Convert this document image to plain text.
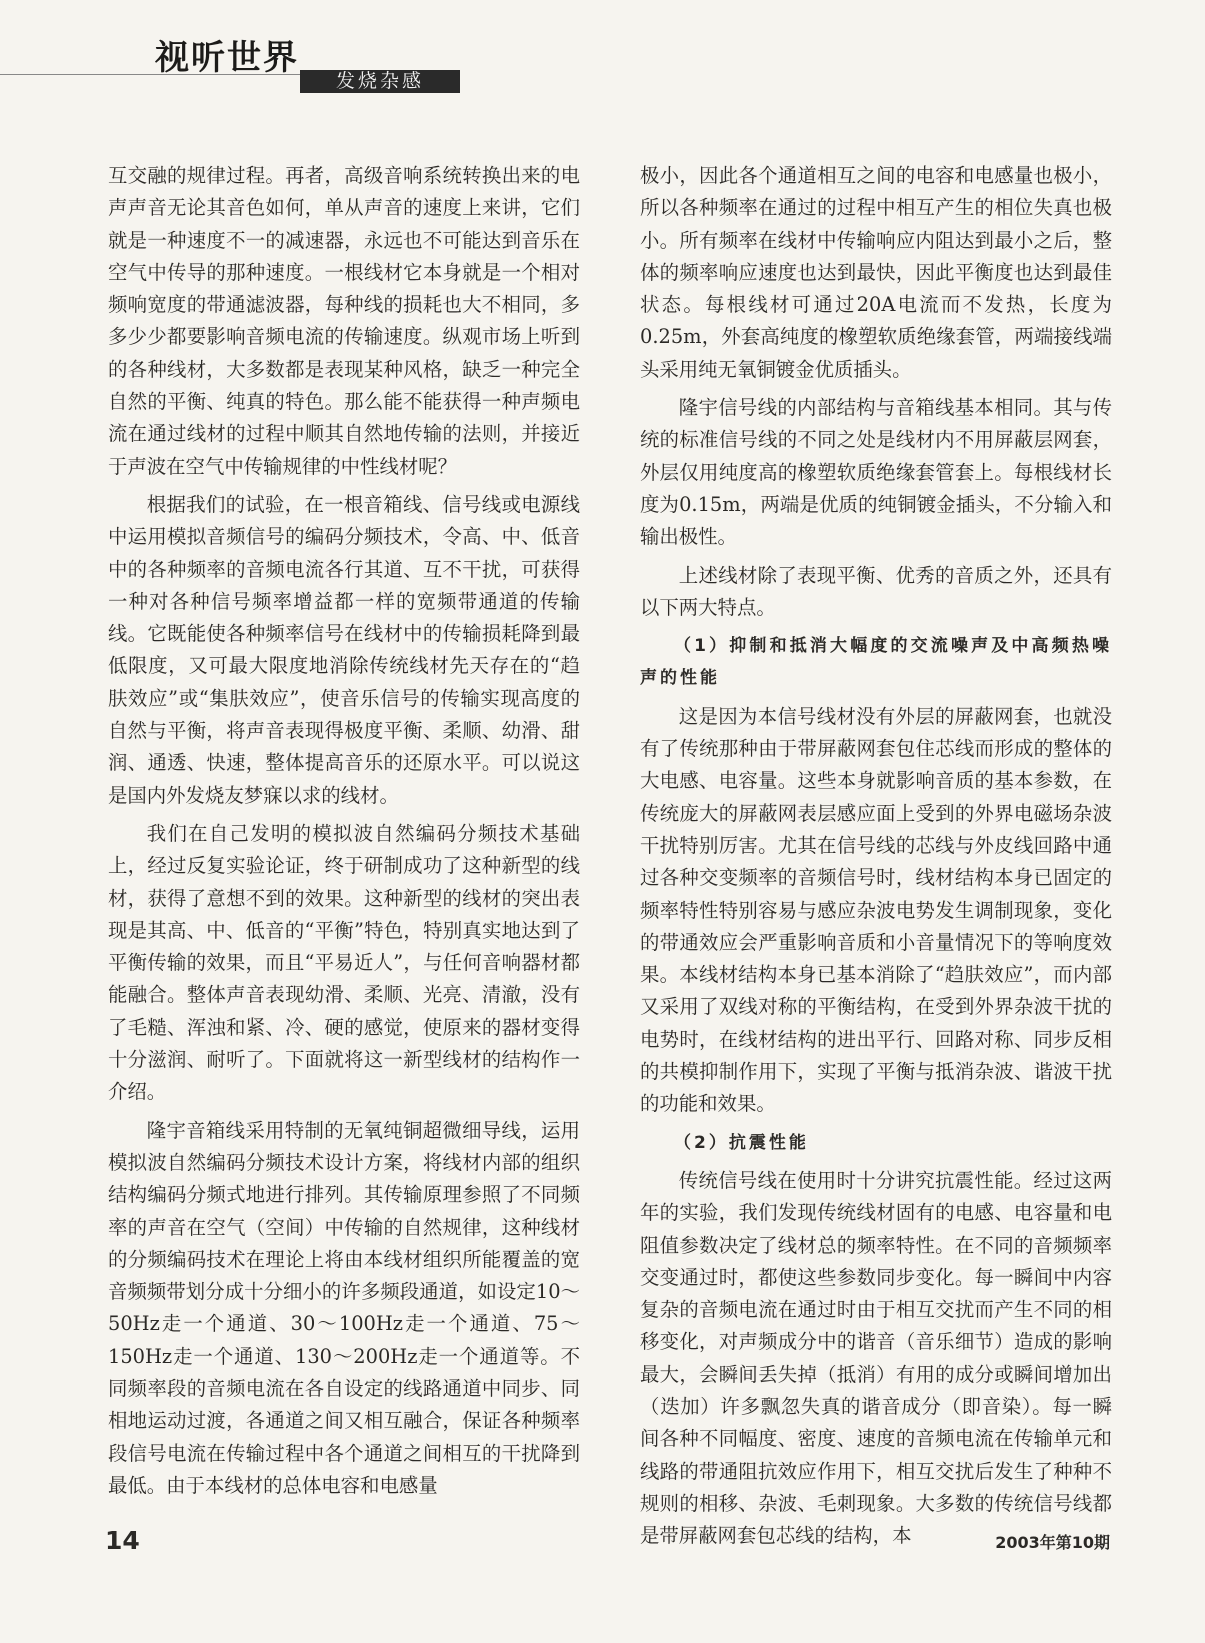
视听世界
发烧杂感

互交融的规律过程。再者，高级音响系统转换出来的电声声音无论其音色如何，单从声音的速度上来讲，它们就是一种速度不一的减速器，永远也不可能达到音乐在空气中传导的那种速度。一根线材它本身就是一个相对频响宽度的带通滤波器，每种线的损耗也大不相同，多多少少都要影响音频电流的传输速度。纵观市场上听到的各种线材，大多数都是表现某种风格，缺乏一种完全自然的平衡、纯真的特色。那么能不能获得一种声频电流在通过线材的过程中顺其自然地传输的法则，并接近于声波在空气中传输规律的中性线材呢？

根据我们的试验，在一根音箱线、信号线或电源线中运用模拟音频信号的编码分频技术，令高、中、低音中的各种频率的音频电流各行其道、互不干扰，可获得一种对各种信号频率增益都一样的宽频带通道的传输线。它既能使各种频率信号在线材中的传输损耗降到最低限度，又可最大限度地消除传统线材先天存在的“趋肤效应”或“集肤效应”，使音乐信号的传输实现高度的自然与平衡，将声音表现得极度平衡、柔顺、幼滑、甜润、通透、快速，整体提高音乐的还原水平。可以说这是国内外发烧友梦寐以求的线材。

我们在自己发明的模拟波自然编码分频技术基础上，经过反复实验论证，终于研制成功了这种新型的线材，获得了意想不到的效果。这种新型的线材的突出表现是其高、中、低音的“平衡”特色，特别真实地达到了平衡传输的效果，而且“平易近人”，与任何音响器材都能融合。整体声音表现幼滑、柔顺、光亮、清澈，没有了毛糙、浑浊和紧、冷、硬的感觉，使原来的器材变得十分滋润、耐听了。下面就将这一新型线材的结构作一介绍。

隆宇音箱线采用特制的无氧纯铜超微细导线，运用模拟波自然编码分频技术设计方案，将线材内部的组织结构编码分频式地进行排列。其传输原理参照了不同频率的声音在空气（空间）中传输的自然规律，这种线材的分频编码技术在理论上将由本线材组织所能覆盖的宽音频频带划分成十分细小的许多频段通道，如设定10～50Hz走一个通道、30～100Hz走一个通道、75～150Hz走一个通道、130～200Hz走一个通道等。不同频率段的音频电流在各自设定的线路通道中同步、同相地运动过渡，各通道之间又相互融合，保证各种频率段信号电流在传输过程中各个通道之间相互的干扰降到最低。由于本线材的总体电容和电感量

极小，因此各个通道相互之间的电容和电感量也极小，所以各种频率在通过的过程中相互产生的相位失真也极小。所有频率在线材中传输响应内阻达到最小之后，整体的频率响应速度也达到最快，因此平衡度也达到最佳状态。每根线材可通过20A电流而不发热，长度为0.25m，外套高纯度的橡塑软质绝缘套管，两端接线端头采用纯无氧铜镀金优质插头。

隆宇信号线的内部结构与音箱线基本相同。其与传统的标准信号线的不同之处是线材内不用屏蔽层网套，外层仅用纯度高的橡塑软质绝缘套管套上。每根线材长度为0.15m，两端是优质的纯铜镀金插头，不分输入和输出极性。

上述线材除了表现平衡、优秀的音质之外，还具有以下两大特点。

（1）抑制和抵消大幅度的交流噪声及中高频热噪声的性能

这是因为本信号线材没有外层的屏蔽网套，也就没有了传统那种由于带屏蔽网套包住芯线而形成的整体的大电感、电容量。这些本身就影响音质的基本参数，在传统庞大的屏蔽网表层感应面上受到的外界电磁场杂波干扰特别厉害。尤其在信号线的芯线与外皮线回路中通过各种交变频率的音频信号时，线材结构本身已固定的频率特性特别容易与感应杂波电势发生调制现象，变化的带通效应会严重影响音质和小音量情况下的等响度效果。本线材结构本身已基本消除了“趋肤效应”，而内部又采用了双线对称的平衡结构，在受到外界杂波干扰的电势时，在线材结构的进出平行、回路对称、同步反相的共模抑制作用下，实现了平衡与抵消杂波、谐波干扰的功能和效果。

（2）抗震性能

传统信号线在使用时十分讲究抗震性能。经过这两年的实验，我们发现传统线材固有的电感、电容量和电阻值参数决定了线材总的频率特性。在不同的音频频率交变通过时，都使这些参数同步变化。每一瞬间中内容复杂的音频电流在通过时由于相互交扰而产生不同的相移变化，对声频成分中的谐音（音乐细节）造成的影响最大，会瞬间丢失掉（抵消）有用的成分或瞬间增加出（迭加）许多飘忽失真的谐音成分（即音染）。每一瞬间各种不同幅度、密度、速度的音频电流在传输单元和线路的带通阻抗效应作用下，相互交扰后发生了种种不规则的相移、杂波、毛刺现象。大多数的传统信号线都是带屏蔽网套包芯线的结构，本

14	2003年第10期
